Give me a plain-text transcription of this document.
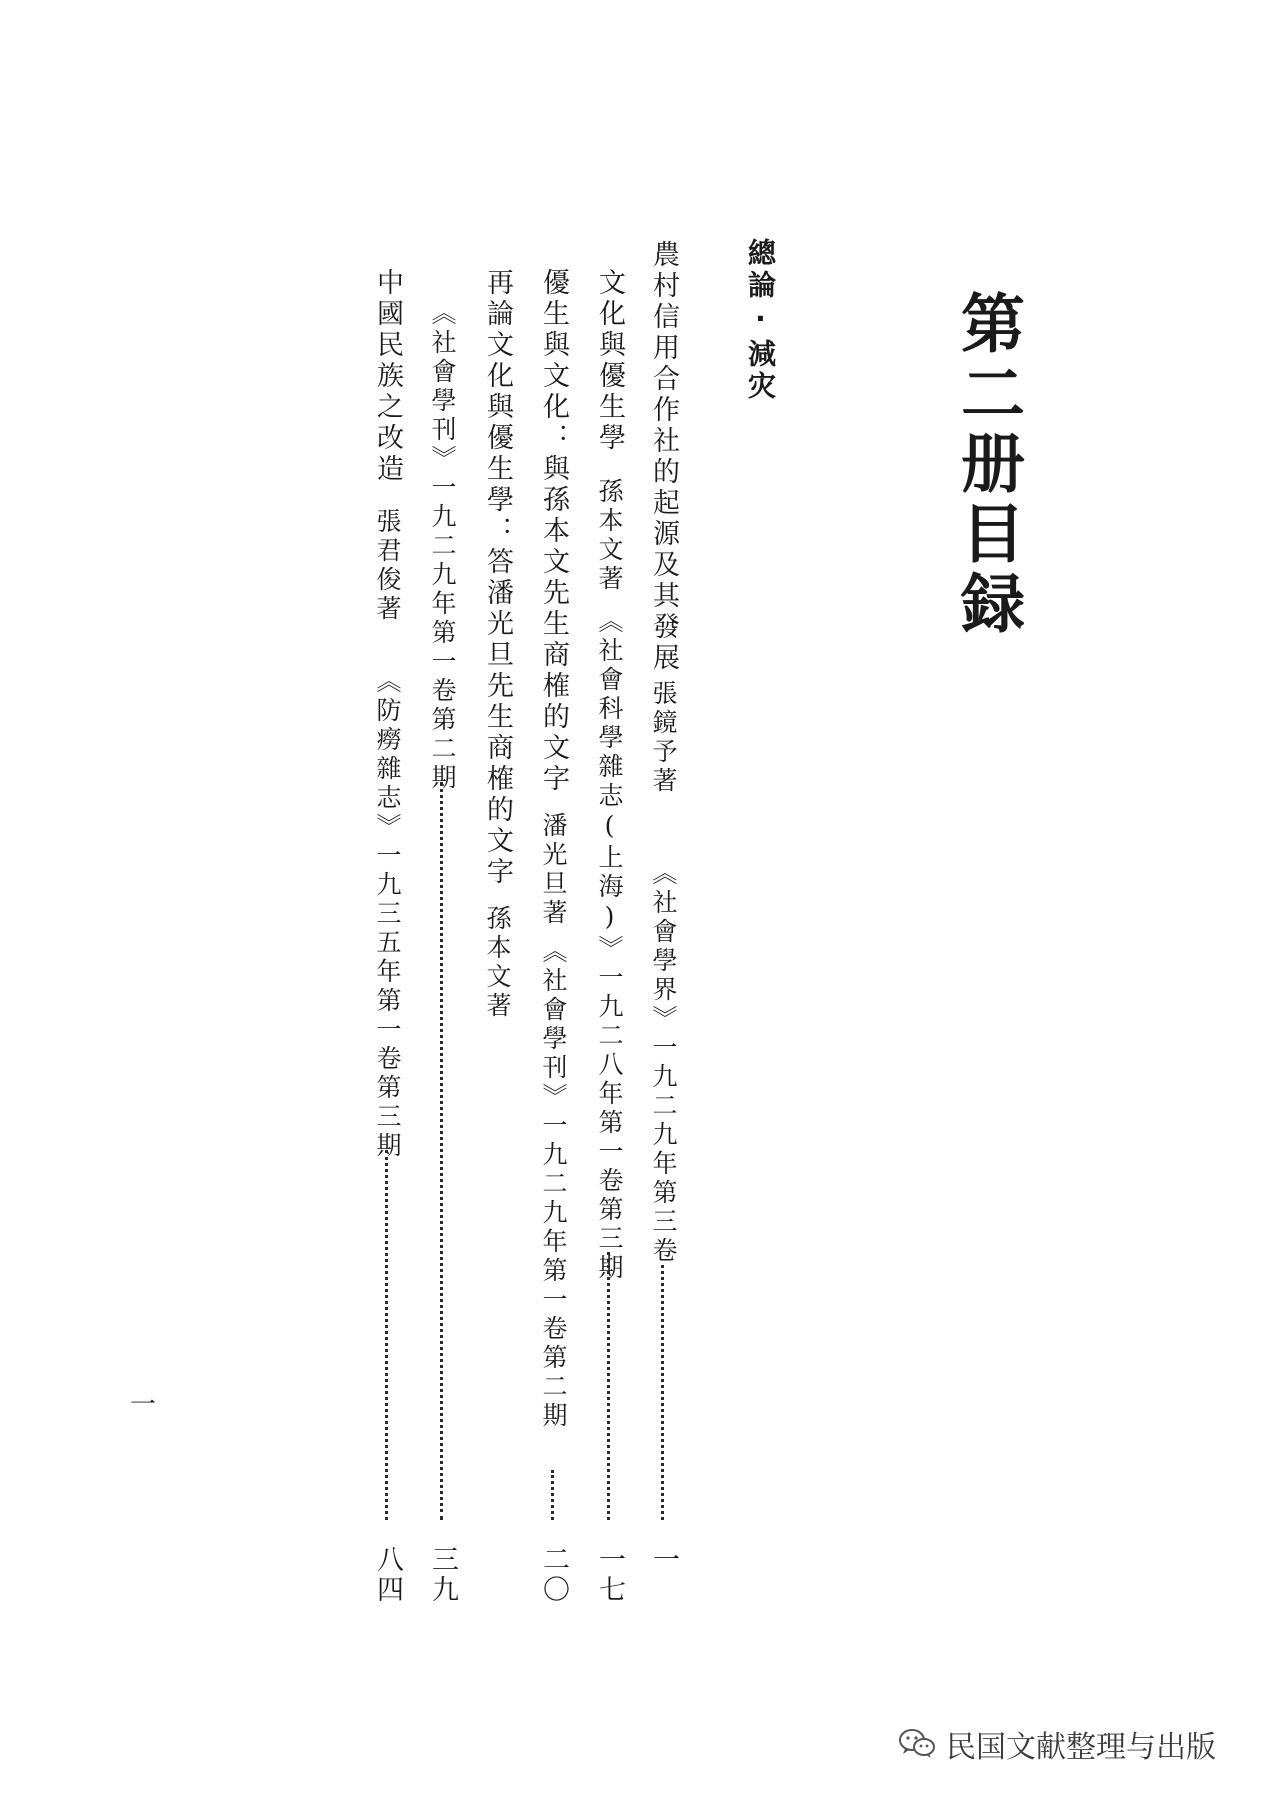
第二册目録
總論·減灾
農村信用合作社的起源及其發展
張鏡予著
《社會學界》一九二九年第三卷
一
文化與優生學
孫本文著
《社會科學雜志(上海)》一九二八年第一卷第三期
一七
優生與文化：與孫本文先生商榷的文字
潘光旦著
《社會學刊》一九二九年第一卷第二期
二〇
再論文化與優生學：答潘光旦先生商榷的文字
孫本文著
《社會學刊》一九二九年第一卷第二期
三九
中國民族之改造
張君俊著
《防癆雜志》一九三五年第一卷第三期
八四
一
民国文献整理与出版
